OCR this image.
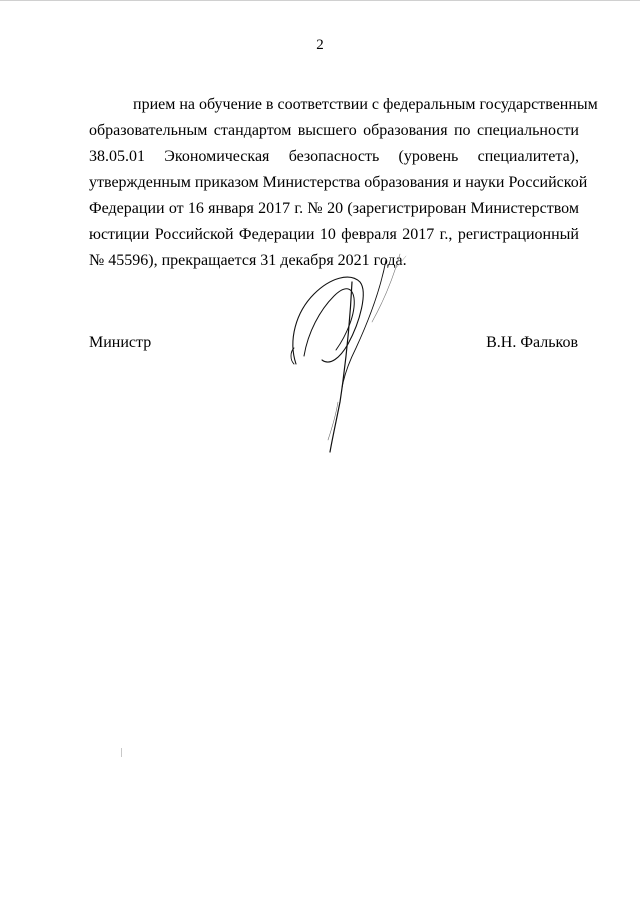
2
прием на обучение в соответствии с федеральным государственным
образовательным стандартом высшего образования по специальности
38.05.01 Экономическая безопасность (уровень специалитета),
утвержденным приказом Министерства образования и науки Российской
Федерации от 16 января 2017 г. № 20 (зарегистрирован Министерством
юстиции Российской Федерации 10 февраля 2017 г., регистрационный
№ 45596), прекращается 31 декабря 2021 года.
Министр	В.Н. Фальков
